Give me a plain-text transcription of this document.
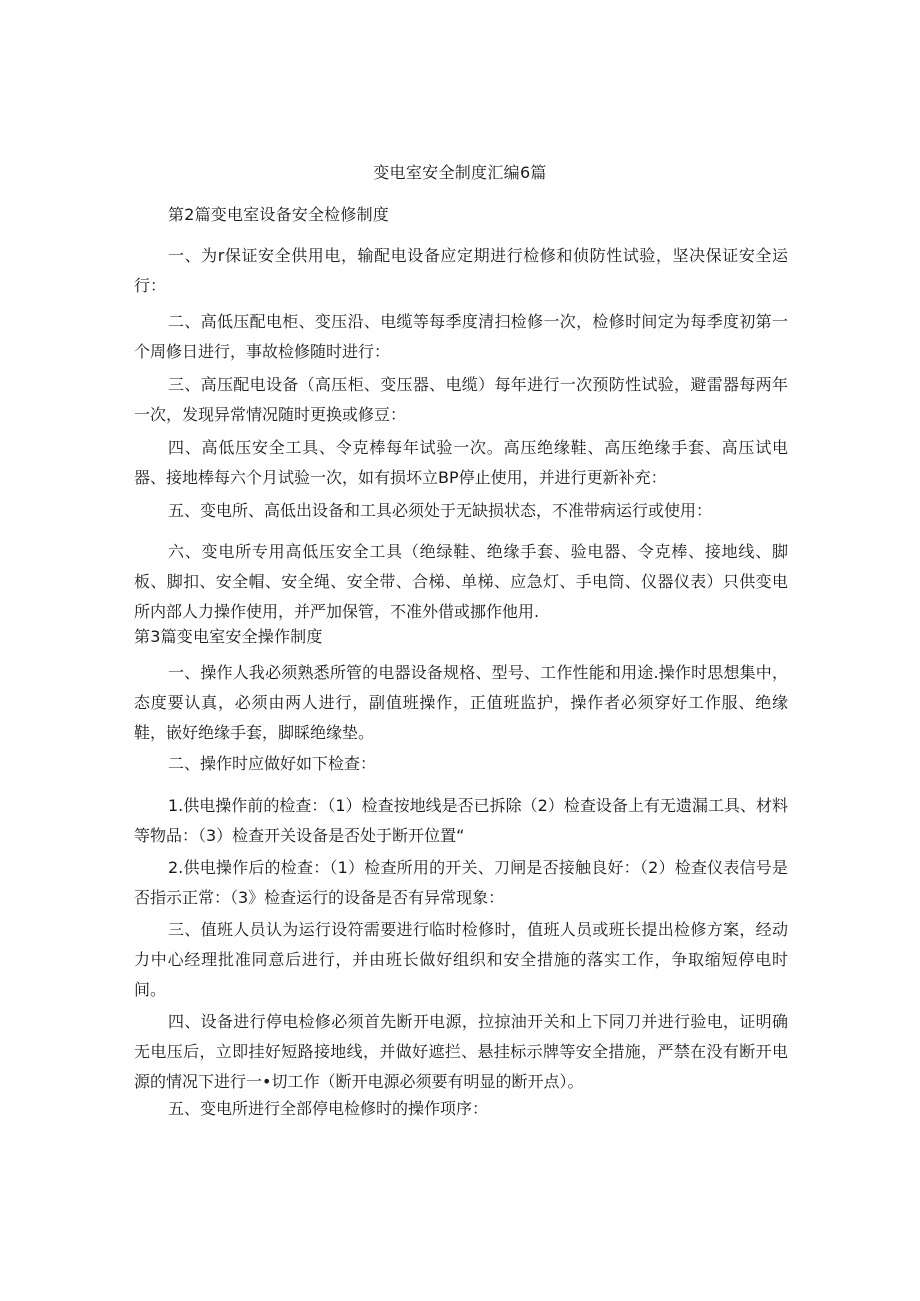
变电室安全制度汇编6篇
第2篇变电室设备安全检修制度
一、为r保证安全供用电，输配电设备应定期进行检修和侦防性试验，坚决保证安全运行：
二、高低压配电柜、变压沿、电缆等每季度清扫检修一次，检修时间定为每季度初第一个周修日进行，事故检修随时进行：
三、高压配电设备（高压柜、变压器、电缆）每年进行一次预防性试验，避雷器每两年一次，发现异常情况随时更换或修豆：
四、高低压安全工具、令克棒每年试验一次。高压绝缘鞋、高压绝缘手套、高压试电器、接地棒每六个月试验一次，如有损坏立BP停止使用，并进行更新补充：
五、变电所、高低出设备和工具必须处于无缺损状态，不准带病运行或使用：
六、变电所专用高低压安全工具（绝绿鞋、绝缘手套、验电器、令克棒、接地线、脚板、脚扣、安全帽、安全绳、安全带、合梯、单梯、应急灯、手电筒、仪器仪表）只供变电所内部人力操作使用，并严加保管，不准外借或挪作他用.
第3篇变电室安全操作制度
一、操作人我必须熟悉所管的电器设备规格、型号、工作性能和用途.操作时思想集中，态度要认真，必须由两人进行，副值班操作，正值班监护，操作者必须穿好工作服、绝缘鞋，嵌好绝缘手套，脚睬绝缘垫。
二、操作时应做好如下检查：
1.供电操作前的检查：（1）检查按地线是否已拆除（2）检查设备上有无遗漏工具、材料等物品：（3）检查开关设备是否处于断开位置“
2.供电操作后的检查：（1）检查所用的开关、刀闸是否接触良好：（2）检查仪表信号是否指示正常：（3》检查运行的设备是否有异常现象：
三、值班人员认为运行设符需要进行临时检修时，值班人员或班长提出检修方案，经动力中心经理批准同意后进行，并由班长做好组织和安全措施的落实工作，争取缩短停电时间。
四、设备进行停电检修必须首先断开电源，拉掠油开关和上下同刀并进行验电，证明确无电压后，立即挂好短路接地线，并做好遮拦、悬挂标示牌等安全措施，严禁在没有断开电源的情况下进行一•切工作（断开电源必须要有明显的断开点）。
五、变电所进行全部停电检修时的操作项序：
